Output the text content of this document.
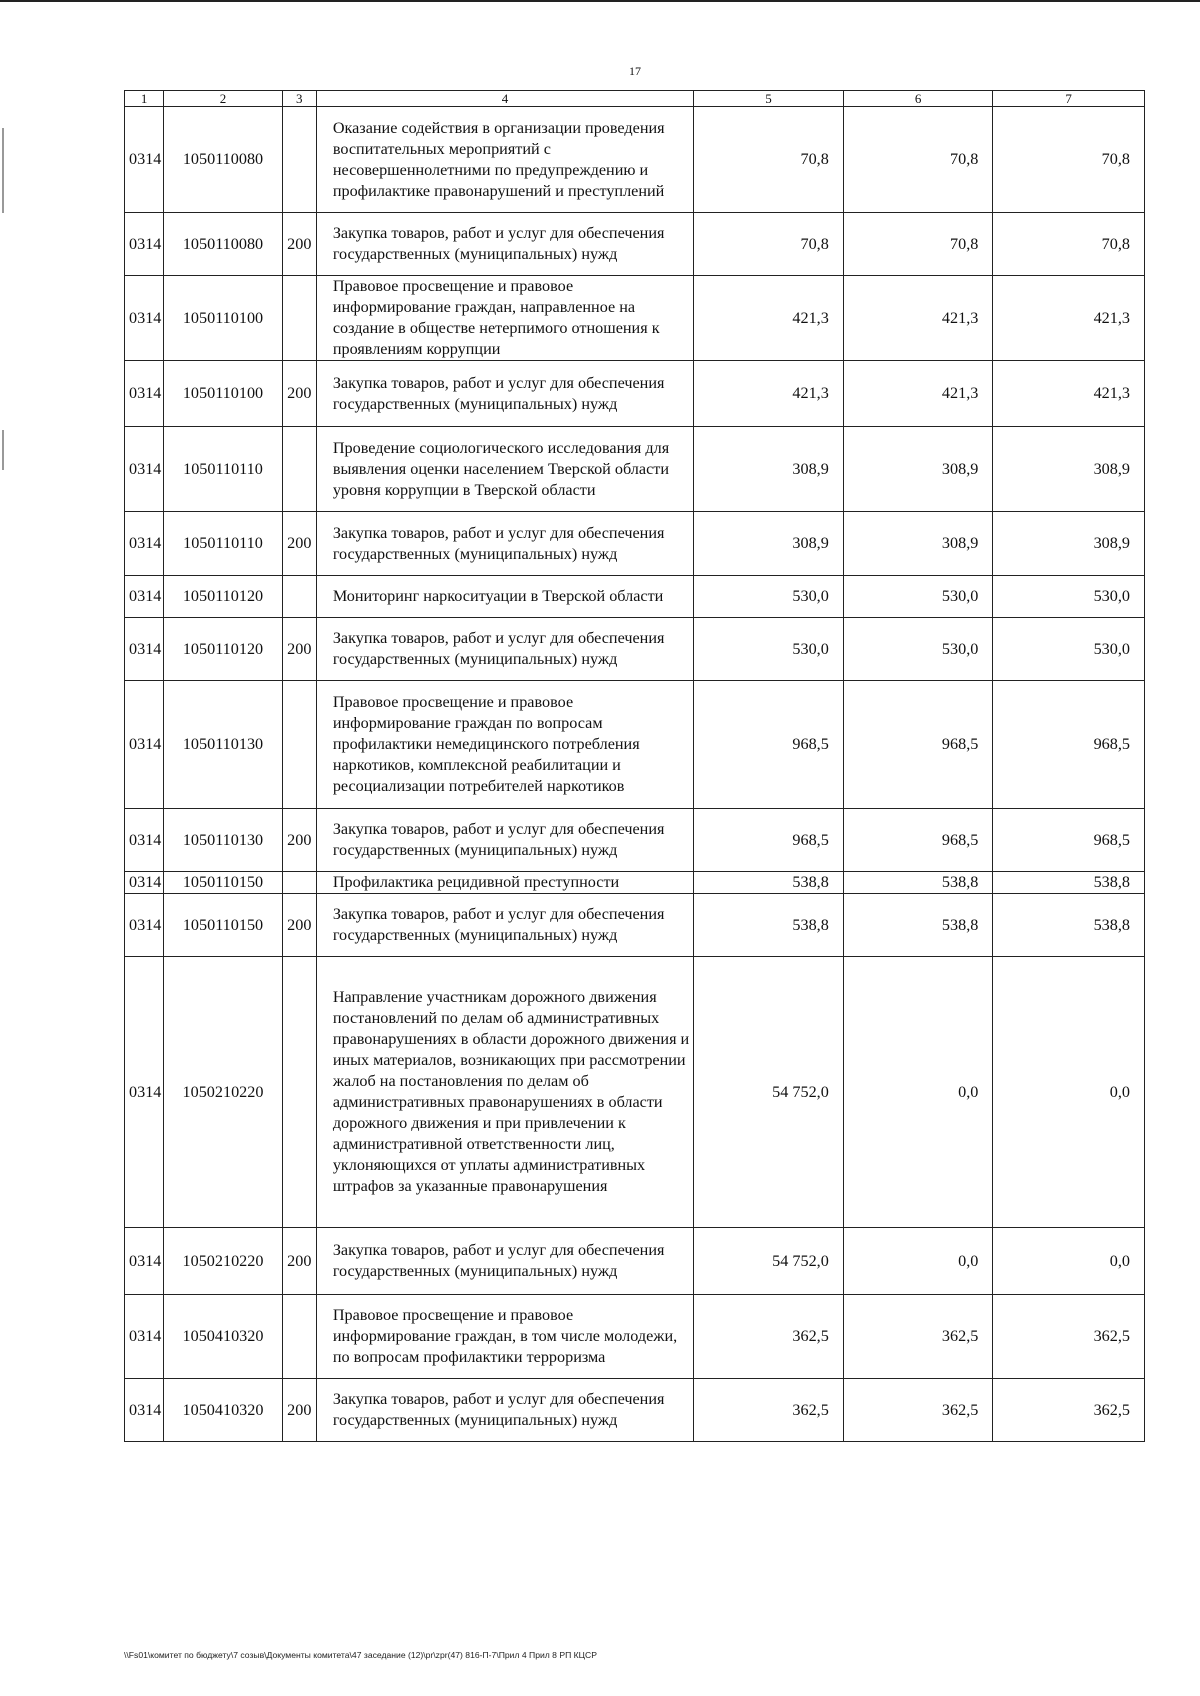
17
1	2	3	4	5	6	7
0314	1050110080		Оказание содействия в организации проведения воспитательных мероприятий с несовершеннолетними по предупреждению и профилактике правонарушений и преступлений	70,8	70,8	70,8
0314	1050110080	200	Закупка товаров, работ и услуг для обеспечения государственных (муниципальных) нужд	70,8	70,8	70,8
0314	1050110100		Правовое просвещение и правовое информирование граждан, направленное на создание в обществе нетерпимого отношения к проявлениям коррупции	421,3	421,3	421,3
0314	1050110100	200	Закупка товаров, работ и услуг для обеспечения государственных (муниципальных) нужд	421,3	421,3	421,3
0314	1050110110		Проведение социологического исследования для выявления оценки населением Тверской области уровня коррупции в Тверской области	308,9	308,9	308,9
0314	1050110110	200	Закупка товаров, работ и услуг для обеспечения государственных (муниципальных) нужд	308,9	308,9	308,9
0314	1050110120		Мониторинг наркоситуации в Тверской области	530,0	530,0	530,0
0314	1050110120	200	Закупка товаров, работ и услуг для обеспечения государственных (муниципальных) нужд	530,0	530,0	530,0
0314	1050110130		Правовое просвещение и правовое информирование граждан по вопросам профилактики немедицинского потребления наркотиков, комплексной реабилитации и ресоциализации потребителей наркотиков	968,5	968,5	968,5
0314	1050110130	200	Закупка товаров, работ и услуг для обеспечения государственных (муниципальных) нужд	968,5	968,5	968,5
0314	1050110150		Профилактика рецидивной преступности	538,8	538,8	538,8
0314	1050110150	200	Закупка товаров, работ и услуг для обеспечения государственных (муниципальных) нужд	538,8	538,8	538,8
0314	1050210220		Направление участникам дорожного движения постановлений по делам об административных правонарушениях в области дорожного движения и иных материалов, возникающих при рассмотрении жалоб на постановления по делам об административных правонарушениях в области дорожного движения и при привлечении к административной ответственности лиц, уклоняющихся от уплаты административных штрафов за указанные правонарушения	54 752,0	0,0	0,0
0314	1050210220	200	Закупка товаров, работ и услуг для обеспечения государственных (муниципальных) нужд	54 752,0	0,0	0,0
0314	1050410320		Правовое просвещение и правовое информирование граждан, в том числе молодежи, по вопросам профилактики терроризма	362,5	362,5	362,5
0314	1050410320	200	Закупка товаров, работ и услуг для обеспечения государственных (муниципальных) нужд	362,5	362,5	362,5
\\Fs01\комитет по бюджету\7 созыв\Документы комитета\47 заседание (12)\pr\zpr(47) 816-П-7\Прил 4 Прил 8 РП КЦСР
